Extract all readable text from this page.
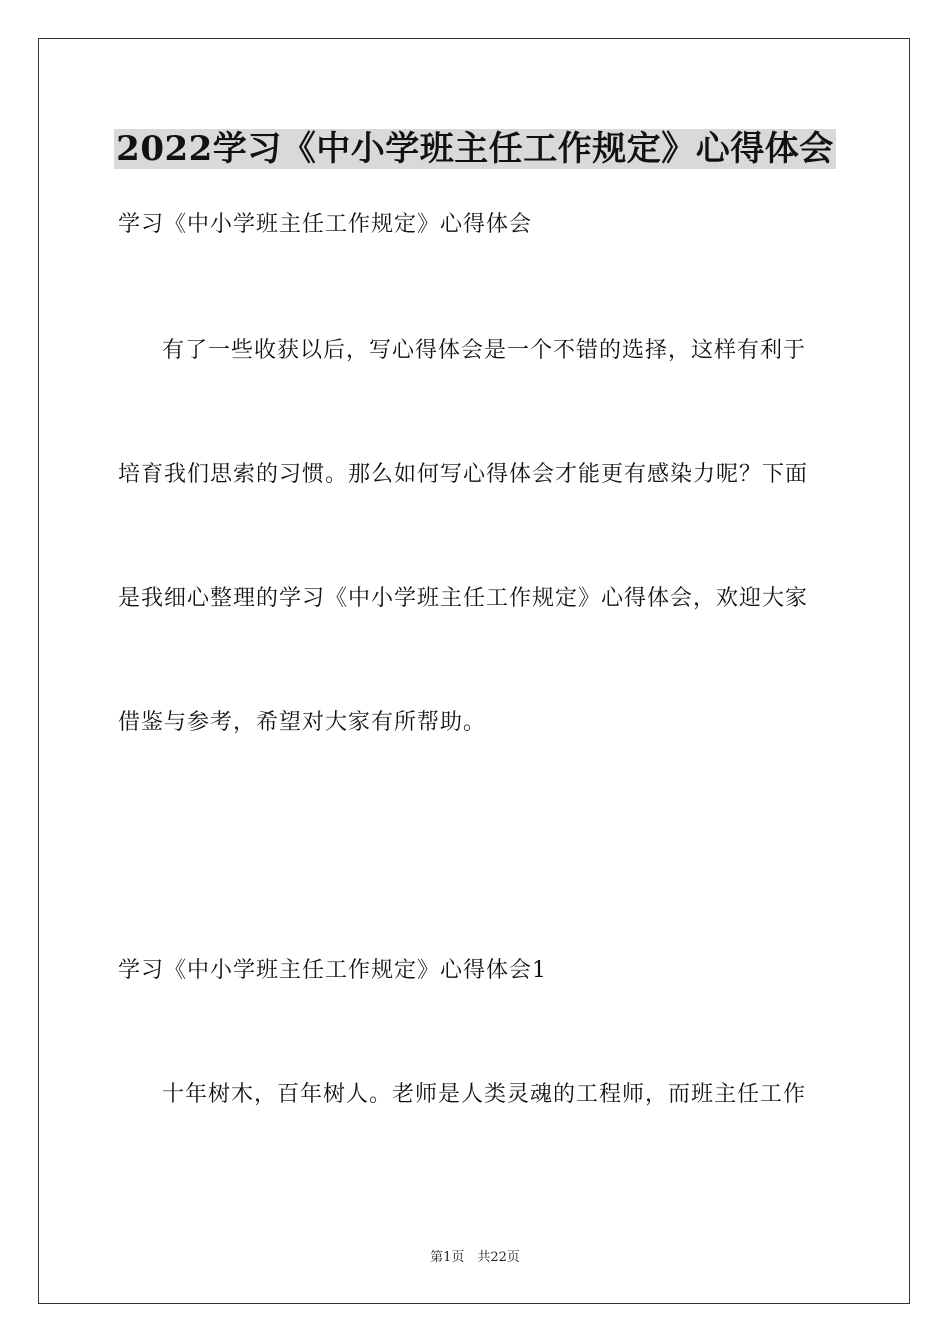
2022学习《中小学班主任工作规定》心得体会
学习《中小学班主任工作规定》心得体会
有了一些收获以后，写心得体会是一个不错的选择，这样有利于
培育我们思索的习惯。那么如何写心得体会才能更有感染力呢？下面
是我细心整理的学习《中小学班主任工作规定》心得体会，欢迎大家
借鉴与参考，希望对大家有所帮助。
学习《中小学班主任工作规定》心得体会1
十年树木，百年树人。老师是人类灵魂的工程师，而班主任工作
第1页　共22页
